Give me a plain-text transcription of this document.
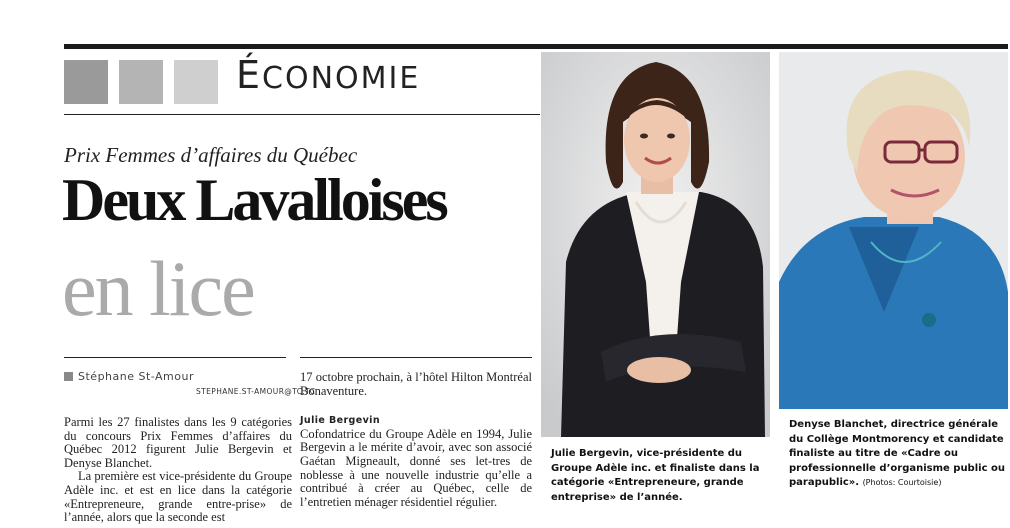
ÉCONOMIE
Prix Femmes d’affaires du Québec
Deux Lavalloises
en lice
Stéphane St-Amour
STEPHANE.ST-AMOUR@TC.TC

Parmi les 27 finalistes dans les 9 catégories du concours Prix Femmes d’affaires du Québec 2012 figurent Julie Bergevin et Denyse Blanchet.

La première est vice-présidente du Groupe Adèle inc. et est en lice dans la catégorie «Entrepreneure, grande entre-prise» de l’année, alors que la seconde est

17 octobre prochain, à l’hôtel Hilton Montréal Bonaventure.

Julie Bergevin

Cofondatrice du Groupe Adèle en 1994, Julie Bergevin a le mérite d’avoir, avec son associé Gaétan Migneault, donné ses let-tres de noblesse à une nouvelle industrie qu’elle a contribué à créer au Québec, celle de l’entretien ménager résidentiel régulier.

Julie Bergevin, vice-présidente du Groupe Adèle inc. et finaliste dans la catégorie «Entrepreneure, grande entreprise» de l’année.
Denyse Blanchet, directrice générale du Collège Montmorency et candidate finaliste au titre de «Cadre ou professionnelle d’organisme public ou parapublic». (Photos: Courtoisie)
